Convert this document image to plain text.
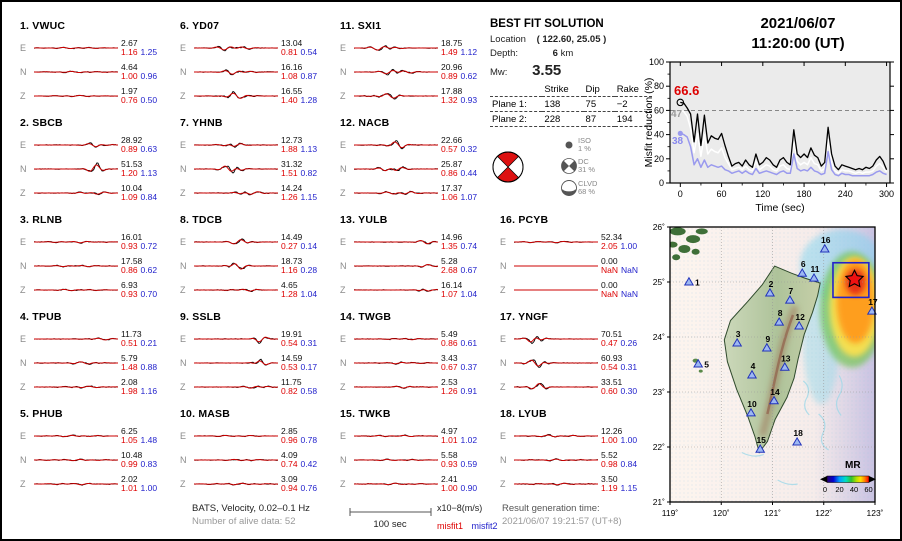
1. VWUC
E	2.67
1.16 1.25
N	4.64
1.00 0.96
Z	1.97
0.76 0.50
2. SBCB
E	28.92
0.89 0.63
N	51.53
1.20 1.13
Z	10.04
1.09 0.84
3. RLNB
E	16.01
0.93 0.72
N	17.58
0.86 0.62
Z	6.93
0.93 0.70
4. TPUB
E	11.73
0.51 0.21
N	5.79
1.48 0.88
Z	2.08
1.98 1.16
5. PHUB
E	6.25
1.05 1.48
N	10.48
0.99 0.83
Z	2.02
1.01 1.00
6. YD07
E	13.04
0.81 0.54
N	16.16
1.08 0.87
Z	16.55
1.40 1.28
7. YHNB
E	12.73
1.88 1.13
N	31.32
1.51 0.82
Z	14.24
1.26 1.15
8. TDCB
E	14.49
0.27 0.14
N	18.73
1.16 0.28
Z	4.65
1.28 1.04
9. SSLB
E	19.91
0.54 0.31
N	14.59
0.53 0.17
Z	11.75
0.82 0.58
10. MASB
E	2.85
0.96 0.78
N	4.09
0.74 0.42
Z	3.09
0.94 0.76
11. SXI1
E	18.75
1.49 1.12
N	20.96
0.89 0.62
Z	17.88
1.32 0.93
12. NACB
E	22.66
0.57 0.32
N	25.87
0.86 0.44
Z	17.37
1.06 1.07
13. YULB
E	14.96
1.35 0.74
N	5.28
2.68 0.67
Z	16.14
1.07 1.04
14. TWGB
E	5.49
0.86 0.61
N	3.43
0.67 0.37
Z	2.53
1.26 0.91
15. TWKB
E	4.97
1.01 1.02
N	5.58
0.93 0.59
Z	2.41
1.00 0.90
16. PCYB
E	52.34
2.05 1.00
N	0.00
NaN NaN
Z	0.00
NaN NaN
17. YNGF
E	70.51
0.47 0.26
N	60.93
0.54 0.31
Z	33.51
0.60 0.30
18. LYUB
E	12.26
1.00 1.00
N	5.52
0.98 0.84
Z	3.50
1.19 1.15
BEST FIT SOLUTION
Location ( 122.60, 25.05 )
Depth:	6 km
Mw: 3.55
	Strike	Dip	Rake
Plane 1:	138	75	−2
Plane 2:	228	87	194
ISO
1 %
DC
31 %
CLVD
68 %
2021/06/07
11:20:00 (UT)
0
20
40
60
80
100
0	60	120	180	240	300
66.6
47
38
Time (sec)
Misfit reduction (%)
MR
0 20 40 60
1	2
3
4
5
6
7
8
9
10
11
12
13
14
15
16
17
18
119˚	120˚	121˚	122˚	123˚
26˚
25˚
24˚
23˚
22˚
21˚
BATS, Velocity, 0.02–0.1 Hz
Number of alive data: 52	100 sec
x10−8(m/s)
misfit1 misfit2
Result generation time:
2021/06/07 19:21:57 (UT+8)
